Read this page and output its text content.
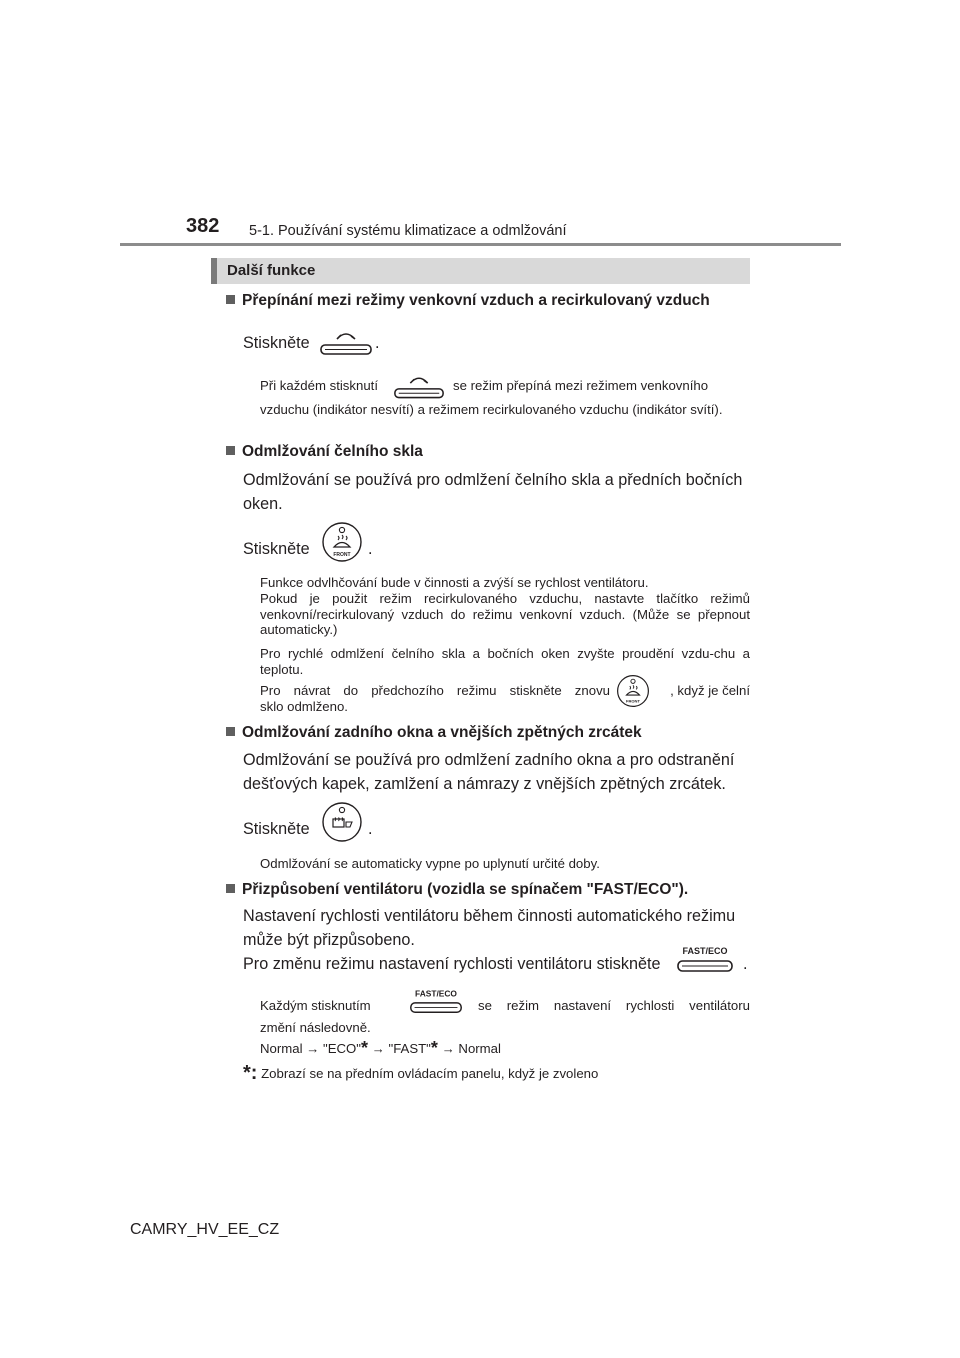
382 5-1. Používání systému klimatizace a odmlžování
Další funkce
Přepínání mezi režimy venkovní vzduch a recirkulovaný vzduch
Stiskněte	.
Při každém stisknutí	se režim přepíná mezi režimem venkovního
vzduchu (indikátor nesvítí) a režimem recirkulovaného vzduchu (indikátor svítí).
Odmlžování čelního skla
Odmlžování se používá pro odmlžení čelního skla a předních bočních oken.
Stiskněte	FRONT .
Funkce odvlhčování bude v činnosti a zvýší se rychlost ventilátoru.
Pokud je použit režim recirkulovaného vzduchu, nastavte tlačítko režimů venkovní/recirkulovaný vzduch do režimu venkovní vzduch. (Může se přepnout automaticky.)
Pro rychlé odmlžení čelního skla a bočních oken zvyšte proudění vzdu-chu a teplotu.
Pro návrat do předchozího režimu stiskněte znovu
FRONT
, když je čelní
sklo odmlženo.
Odmlžování zadního okna a vnějších zpětných zrcátek
Odmlžování se používá pro odmlžení zadního okna a pro odstranění dešťových kapek, zamlžení a námrazy z vnějších zpětných zrcátek.
Stiskněte	.
Odmlžování se automaticky vypne po uplynutí určité doby.
Přizpůsobení ventilátoru (vozidla se spínačem "FAST/ECO").
Nastavení rychlosti ventilátoru během činnosti automatického režimu může být přizpůsobeno.
Pro změnu režimu nastavení rychlosti ventilátoru stiskněte
FAST/ECO
.
Každým stisknutím
FAST/ECO
se režim nastavení rychlosti ventilátoru
změní následovně.
Normal → "ECO"* → "FAST"* → Normal
*: Zobrazí se na předním ovládacím panelu, když je zvoleno
CAMRY_HV_EE_CZ
